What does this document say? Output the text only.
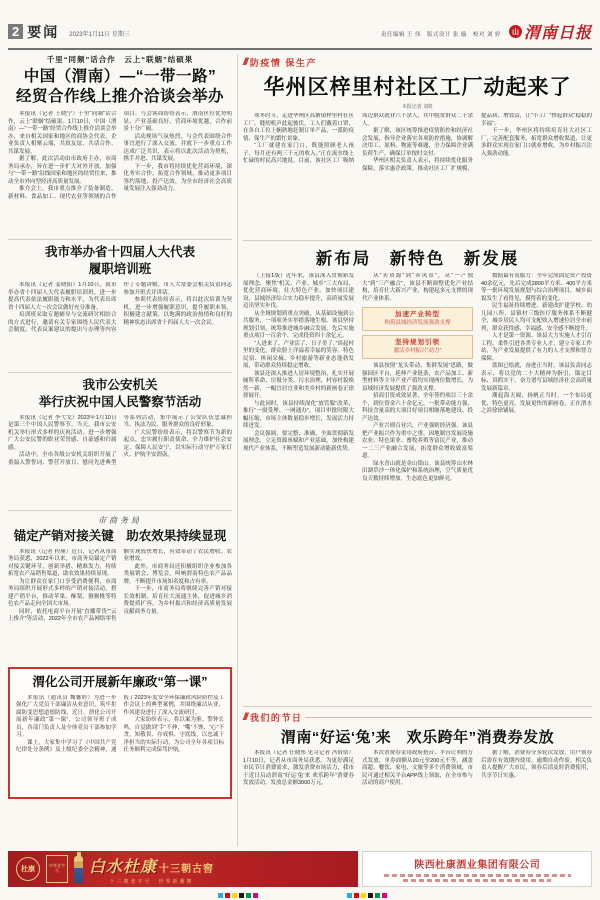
2 要闻 2023年1月11日 星期三	责任编辑 王 伟　版式设计 张 璇　校对 刘 婷	山 渭南日报
千里“同频”话合作　云上“联姻”结硕果
中国（渭南）—“一带一路”
经贸合作线上推介洽谈会举办

本报讯（记者 王晓宁）千里“同频”话合作，云上“联姻”结硕果。1月10日，中国（渭南）—“一带一路”经贸合作线上推介洽谈会举办，来自相关国家和地区的商协会代表、企业负责人相聚云端，共叙友谊、共话合作、共谋发展。

据了解，此次活动由市政府主办，市商务局承办，旨在进一步扩大对外开放，加强与“一带一路”沿线国家和地区的经贸往来，推动全市外向型经济高质量发展。

推介会上，我市重点推介了装备制造、新材料、食品加工、现代农业等领域的合作项目。与会客商纷纷表示，渭南区位优势明显、产业基础良好、营商环境优越，合作前景十分广阔。

活动现场气氛热烈，与会代表围绕合作事宜进行了深入交流，并就下一步重点工作达成广泛共识，表示将以此次活动为契机，携手并进、共谋发展。

下一步，我市将持续优化营商环境，深化务实合作，拓宽合作领域，推动更多项目签约落地、投产达效，为全市经济社会高质量发展注入强劲动力。

我市举办省十四届人大代表
履职培训班

本报讯（记者 姜晓阳）1月10日，我市举办省十四届人大代表履职培训班，进一步提高代表依法履职能力和水平，为代表出席省十四届人大一次会议做好充分准备。

培训班采取专题辅导与交流研讨相结合的方式进行，邀请有关专家围绕人民代表大会制度、代表议案建议的提出与办理等内容作了专题讲解，市人大常委会相关负责同志参加开班式并讲话。

参训代表纷纷表示，将以此次培训为契机，进一步增强履职意识，提升履职本领，积极建言献策，以饱满的政治热情和良好的精神状态出席省十四届人大一次会议。

我市公安机关
举行庆祝中国人民警察节活动

本报讯（记者 李弋戈）2023年1月10日是第三个中国人民警察节。当天，我市公安机关举行形式多样的庆祝活动，进一步增强广大公安民警的职业荣誉感、自豪感和归属感。

活动中，全市各级公安机关组织开展了重温入警誓词、警营开放日、慰问先进典型等系列活动，集中展示了公安队伍忠诚担当、执法为民、服务群众的良好形象。

广大民警纷纷表示，将以警察节为新的起点，忠实履行职责使命，全力维护社会安定、保障人民安宁，以实际行动守护万家灯火、护航平安渭南。

市商务局
锚定产销对接关键　助农效果持续显现

本报讯（记者 程瑾）近日，记者从市商务局获悉，2022年以来，市商务局锚定产销对接关键环节，创新举措、精准发力，持续拓宽农产品销售渠道，助农效果持续显现。

为让群众在家门口享受消费便利，市商务局组织开展形式多样的产销对接活动，搭建产销平台，推动苹果、酥梨、猕猴桃等特色农产品走向全国大市场。

同时，依托电商平台开展“直播带货”“云上推介”等活动，2022年全市农产品网络零售额实现较快增长，有效带动了农民增收、农业增效。

此外，市商务局还积极组织企业参加各类展销会、博览会，叫响渭南特色农产品品牌，不断提升市场知名度和占有率。

下一步，市商务局将继续完善产销对接长效机制，培育壮大流通主体，促进城乡消费提质扩容，为乡村振兴和经济高质量发展贡献商务力量。

渭化公司开展新年廉政“第一课”

本报讯（通讯员 魏馨婷）为进一步强化广大党员干部廉洁从业意识，筑牢拒腐防变思想道德防线，近日，渭化公司开展新年廉政“第一课”，公司领导班子成员、各部门负责人及全体党员干部参加学习。

课上，大家集中学习了《中国共产党纪律处分条例》及上级纪委全会精神，通报了2023年度安全环保廉政风险防控及工作会议上的典型案例，并围绕廉洁从业、作风建设进行了深入交流研讨。

大家纷纷表示，将以案为鉴、警钟长鸣，自觉做到“手”不伸、“嘴”不馋、“心”不贪，知敬畏、存戒惧、守底线，以忠诚干净担当的实际行动，为公司全年各项目标任务顺利完成保驾护航。

/// 防疫情 保生产
华州区梓里村社区工厂动起来了
本报记者 刘虹

寒冬时节，走进华州区高塘镇梓里村社区工厂，缝纫机声此起彼伏，工人们戴着口罩，在各自工位上娴熟地赶制订单产品，一派防疫情、保生产的繁忙景象。

“工厂就建在家门口，既能照顾老人孩子，每月还有两三千元的收入。”正在流水线上忙碌的村民高兴地说。目前，该社区工厂吸纳周边群众就业六十余人，其中脱贫群众二十余人。

据了解，该区统筹推进疫情防控和经济社会发展，指导企业落实各项防控措施，协调解决用工、原料、物流等难题，全力保障企业满负荷生产，确保订单按时交付。

华州区相关负责人表示，将持续优化服务保障，落实惠企政策，推动社区工厂扩规模、提品质、增效益，让“小工厂”撑起群众“稳稳的幸福”。

下一步，华州区将持续培育壮大社区工厂，完善配套服务，拓宽群众增收渠道，让更多群众实现在家门口就业增收，为乡村振兴注入强劲动能。

新布局　新特色　新发展

（上接1版）近年来，该县深入贯彻新发展理念，聚焦“机关、产业、城乡”三大布局，优化营商环境，壮大特色产业，加快项目建设，县域经济综合实力稳步提升，高质量发展迈出坚实步伐。

从全域规划到重点突破，从基础设施到公共服务，一项项务实举措落地生根。该县坚持规划引领，统筹推进城乡融合发展，先后实施重点项目一百余个，完成投资四十余亿元。

“人进来了、产业活了、日子美了。”谈起村里的变化，群众脸上洋溢着幸福的笑容。特色民宿、休闲采摘、乡村旅游等新业态蓬勃发展，带动群众持续稳定增收。

该县还深入推进人居环境整治，扎实开展厕所革命、垃圾分类、污水治理，村容村貌焕然一新，一幅宜居宜业和美乡村的新画卷正徐徐展开。

与此同时，该县持续深化“放管服”改革，推行“一窗受理、一网通办”，项目审批时限大幅压缩，市场主体数量稳步增长，发展活力持续迸发。

会议强调，要完整、准确、全面贯彻新发展理念，立足资源禀赋和产业基础，加快构建现代产业体系，不断塑造发展新动能新优势。

从“卖资源”到“卖风景”，从“一产独大”到“三产融合”，该县不断调整优化产业结构，培育壮大新兴产业，构建起多元支撑的现代产业体系。

加速产业转型
构筑县域经济发展强劲支撑
坚持规划引领
激活乡村振兴“动力”

该县按照“龙头带动、集群发展”思路，做强园区平台，延伸产业链条，农产品加工、新型材料等主导产业产值均实现两位数增长，为县域经济发展提供了强劲支撑。

招商引资成效显著，全年签约项目三十余个，到位资金六十余亿元，一批带动能力强、科技含量高的大项目好项目相继落地建设、投产达效。

产业兴则百业兴，产业强则经济强。该县把产业振兴作为重中之重，因地制宜发展设施农业、特色果业、畜牧养殖等富民产业，推动一二三产业融合发展，拓宽群众增收致富渠道。

绿水青山就是金山银山。该县统筹山水林田湖草沙一体化保护和系统治理，空气质量优良天数持续增加，生态底色更加鲜亮。

数据最有说服力：全年完成固定资产投资40余亿元，先后完成2800平方米、400平方米等一批环境发展规划与综合治理项目，城乡面貌发生了看得见、摸得着的变化。

民生福祉持续增进。新建改扩建学校、幼儿园八所，县镇村三级医疗服务体系不断健全，城乡居民人均可支配收入增速位居全市前列，群众获得感、幸福感、安全感不断提升。

人才是第一资源。该县大力实施人才引育工程，柔性引进各类专业人才，建立专家工作站，为产业发展提供了有力的人才支撑和智力保障。

蓝图已绘就，奋进正当时。该县负责同志表示，将以党的二十大精神为指引，锚定目标、真抓实干，奋力谱写县域经济社会高质量发展新篇章。

潮起海天阔，扬帆正当时。一个布局更优、特色更亮、发展更快的新画卷，正在渭水之滨徐徐铺展。

/// 我们的节日
渭南“好运‘兔’来　欢乐跨年”消费券发放

本报讯（记者 任晓彤 见习记者 冯倩倩）1月10日，记者从市商务局获悉，为更好满足市民节日消费需求，激发消费市场活力，我市于近日启动渭南“好运‘兔’来 欢乐跨年”消费券发放活动，发放总金额3000万元。

本次消费券采用政府搭台、平台让利的方式发放，单券面额从20元至200元不等，涵盖商超、餐饮、家电、文旅等多个消费领域，市民可通过相关平台APP线上领取，在全市参与活动的商户使用。

据了解，消费券分多轮次发放，用户领券后需在有效期内使用，逾期自动作废。相关负责人提醒广大市民，领券后请及时消费使用，共享节日实惠。

杜康
中华老字号	白水杜康 十三朝古窖
十三朝老字号　世界新潮牌
陕西杜康酒业集团有限公司
